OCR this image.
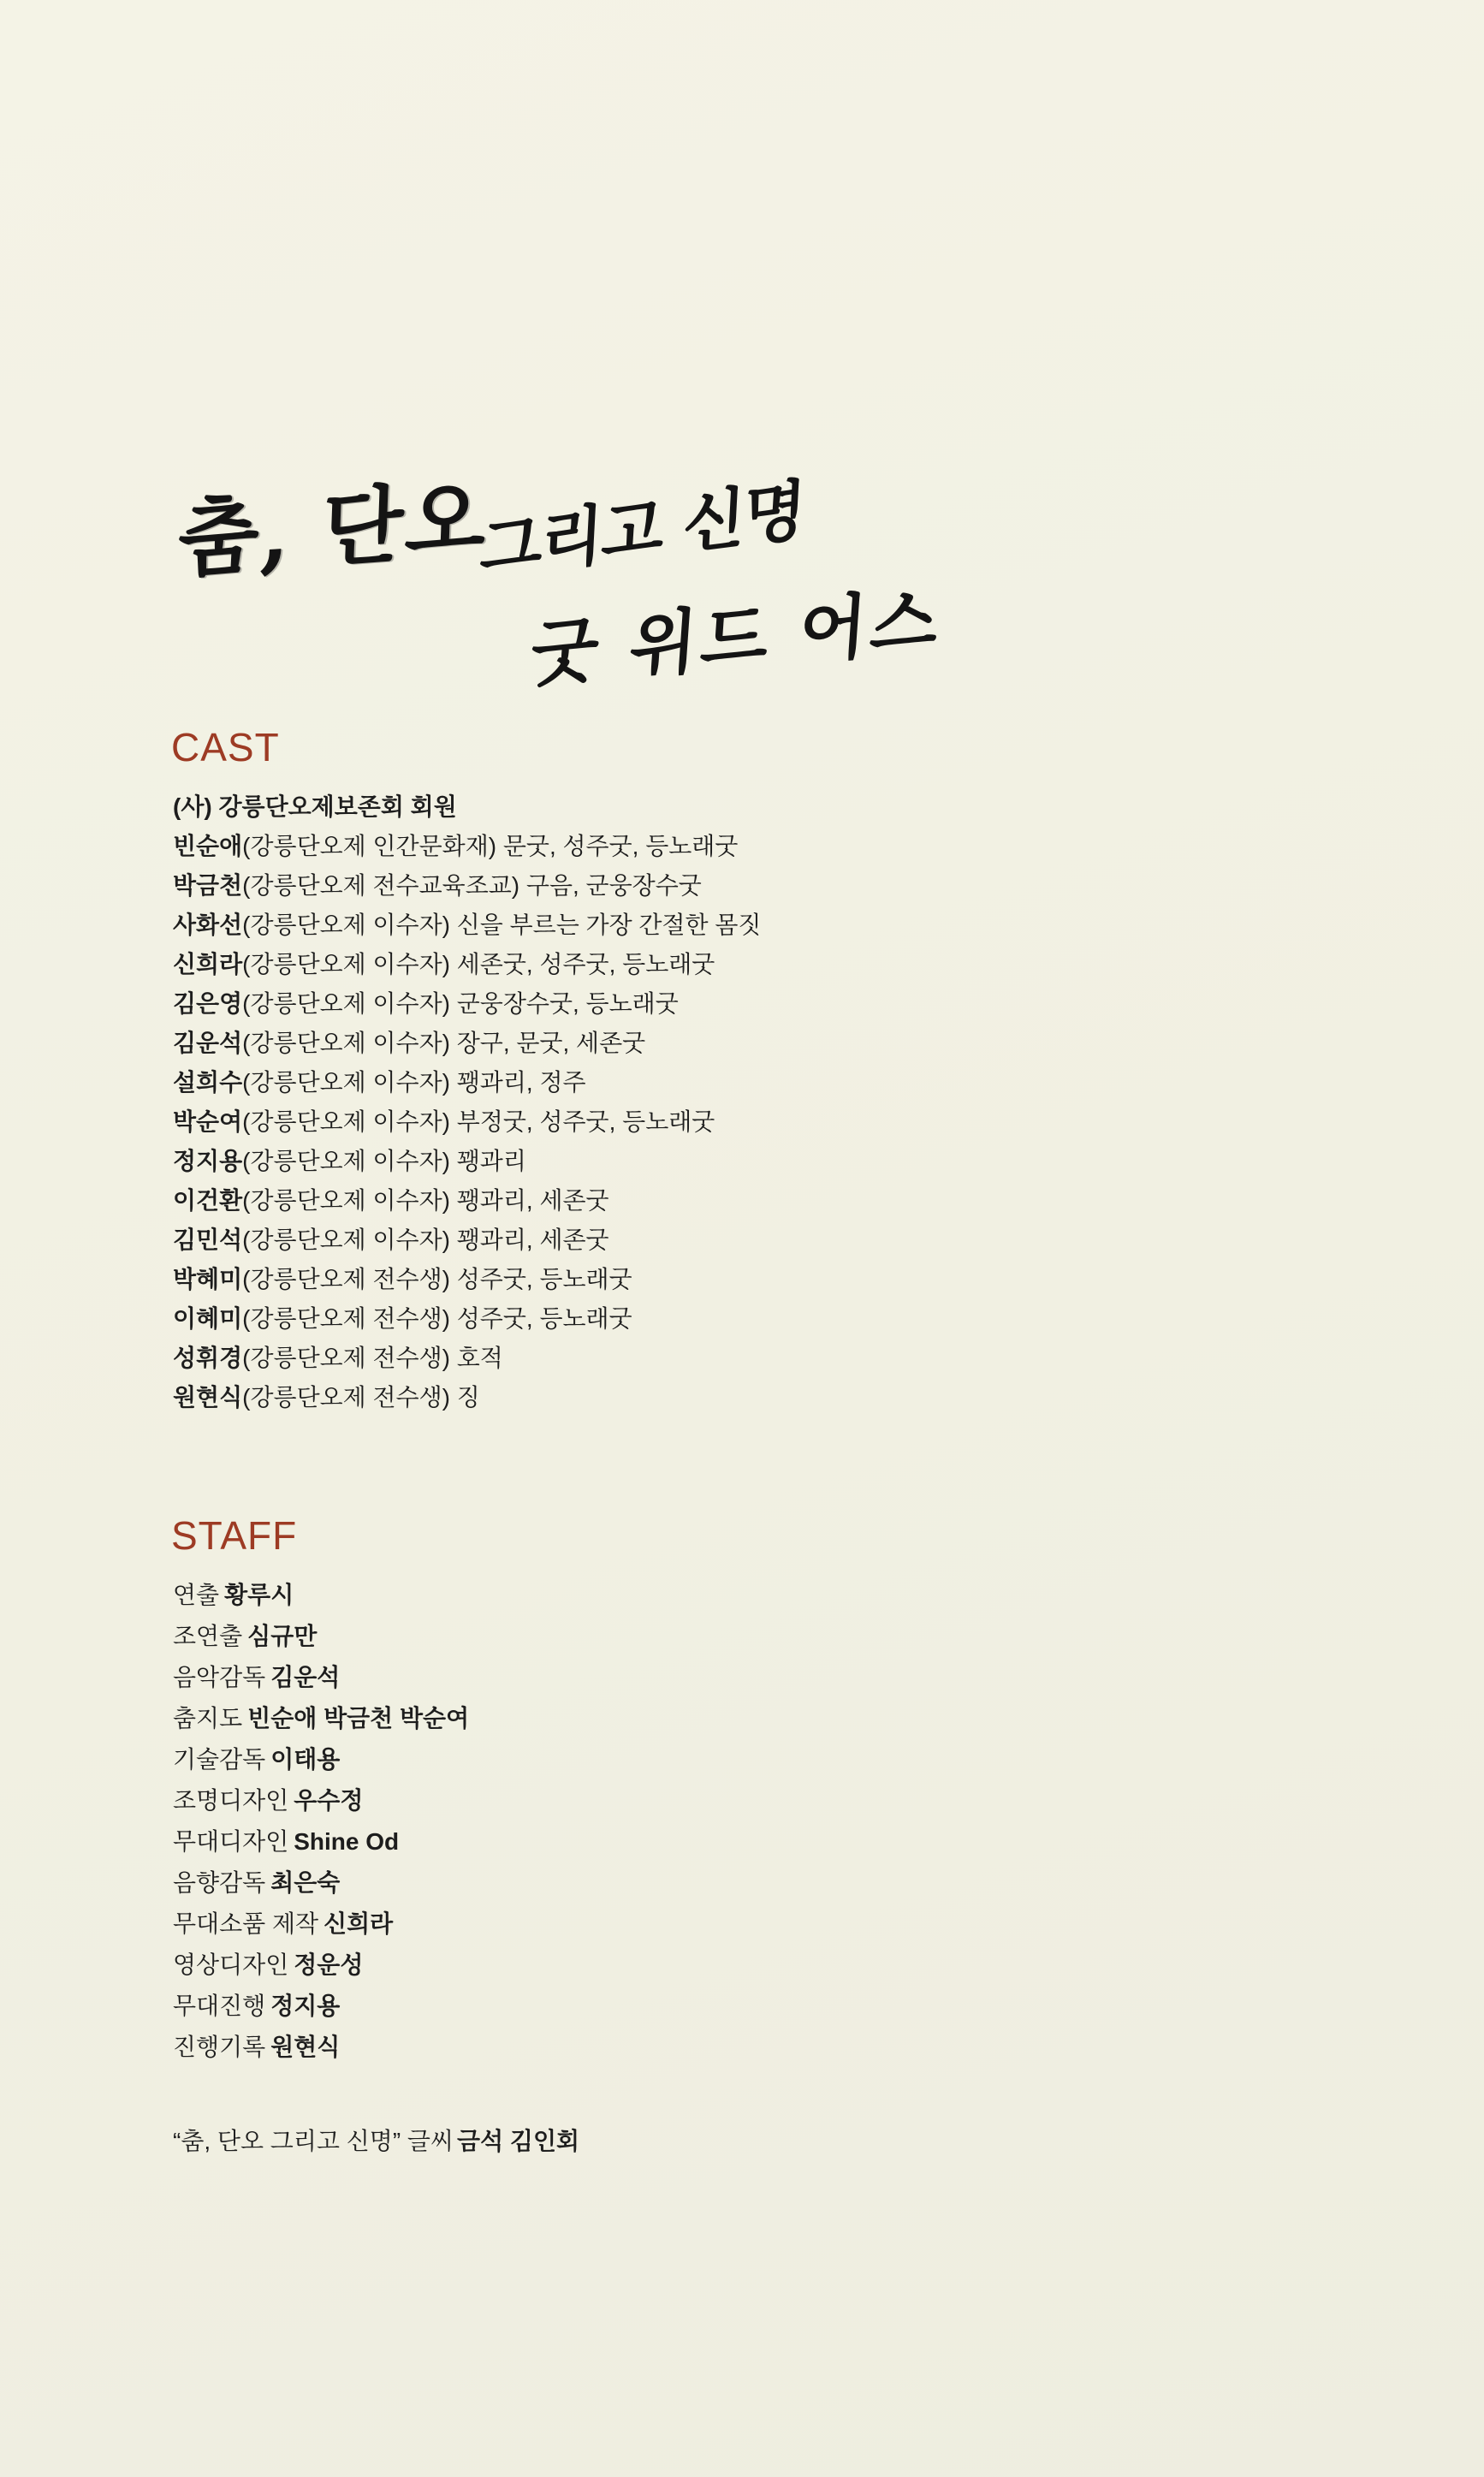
춤, 단오
그리고 신명
굿 위드 어스
CAST
(사) 강릉단오제보존회 회원
빈순애(강릉단오제 인간문화재) 문굿, 성주굿, 등노래굿
박금천(강릉단오제 전수교육조교) 구음, 군웅장수굿
사화선(강릉단오제 이수자) 신을 부르는 가장 간절한 몸짓
신희라(강릉단오제 이수자) 세존굿, 성주굿, 등노래굿
김은영(강릉단오제 이수자) 군웅장수굿, 등노래굿
김운석(강릉단오제 이수자) 장구, 문굿, 세존굿
설희수(강릉단오제 이수자) 꽹과리, 정주
박순여(강릉단오제 이수자) 부정굿, 성주굿, 등노래굿
정지용(강릉단오제 이수자) 꽹과리
이건환(강릉단오제 이수자) 꽹과리, 세존굿
김민석(강릉단오제 이수자) 꽹과리, 세존굿
박혜미(강릉단오제 전수생) 성주굿, 등노래굿
이혜미(강릉단오제 전수생) 성주굿, 등노래굿
성휘경(강릉단오제 전수생) 호적
원현식(강릉단오제 전수생) 징
STAFF
연출 황루시
조연출 심규만
음악감독 김운석
춤지도 빈순애 박금천 박순여
기술감독 이태용
조명디자인 우수정
무대디자인 Shine Od
음향감독 최은숙
무대소품 제작 신희라
영상디자인 정운성
무대진행 정지용
진행기록 원현식
“춤, 단오 그리고 신명” 글씨 금석 김인회
